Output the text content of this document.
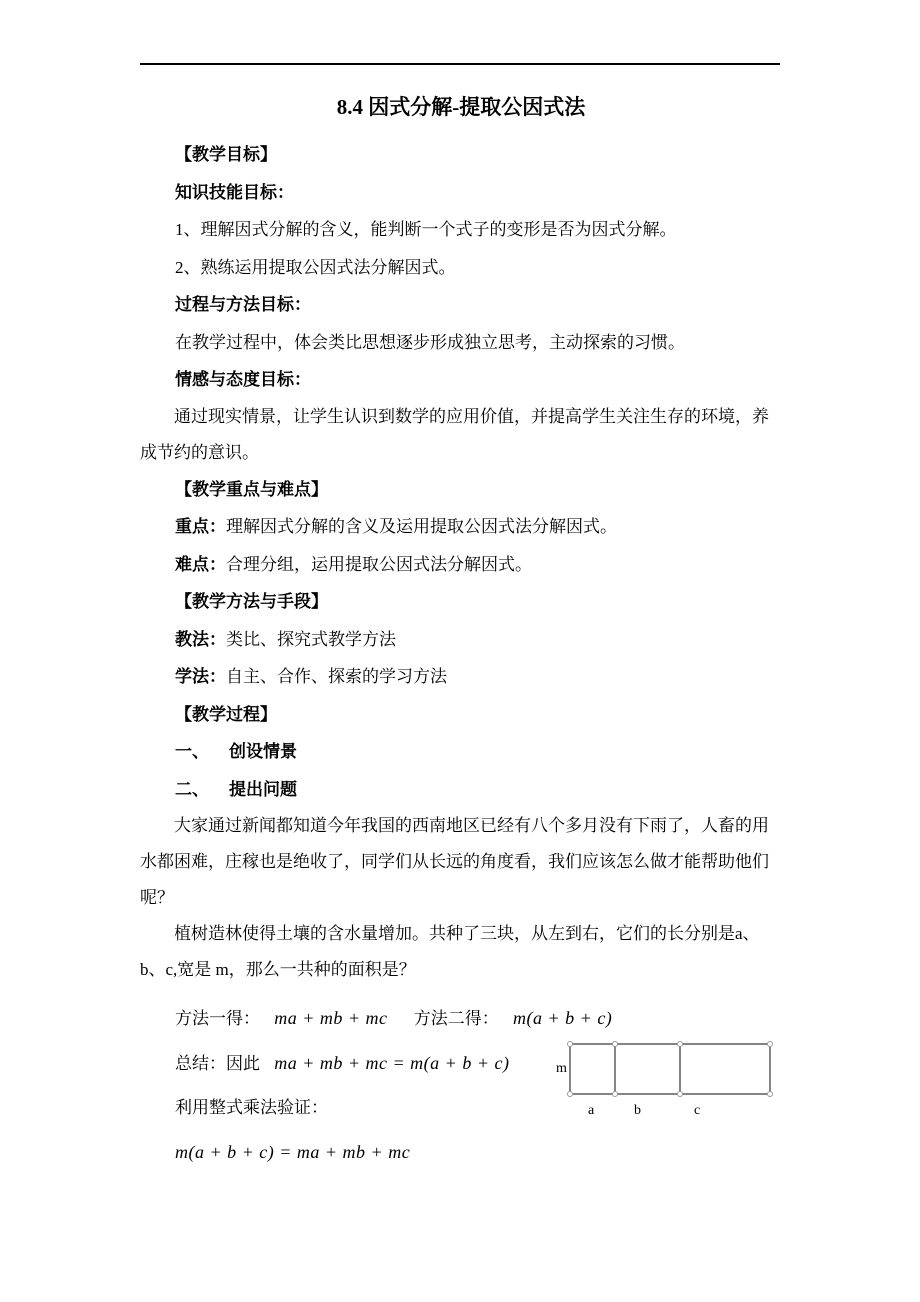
8.4 因式分解-提取公因式法
【教学目标】
知识技能目标：
1、理解因式分解的含义，能判断一个式子的变形是否为因式分解。
2、熟练运用提取公因式法分解因式。
过程与方法目标：
在教学过程中，体会类比思想逐步形成独立思考，主动探索的习惯。
情感与态度目标：
通过现实情景，让学生认识到数学的应用价值，并提高学生关注生存的环境，养成节约的意识。
【教学重点与难点】
重点：理解因式分解的含义及运用提取公因式法分解因式。
难点：合理分组，运用提取公因式法分解因式。
【教学方法与手段】
教法：类比、探究式教学方法
学法：自主、合作、探索的学习方法
【教学过程】
一、 创设情景
二、 提出问题
大家通过新闻都知道今年我国的西南地区已经有八个多月没有下雨了，人畜的用水都困难，庄稼也是绝收了，同学们从长远的角度看，我们应该怎么做才能帮助他们呢？
植树造林使得土壤的含水量增加。共种了三块，从左到右，它们的长分别是a、b、c,宽是 m，那么一共种的面积是？
方法一得： ma + mb + mc 方法二得： m(a + b + c)
总结：因此 ma + mb + mc = m(a + b + c)
利用整式乘法验证：
m(a + b + c) = ma + mb + mc
m
a	b	c
